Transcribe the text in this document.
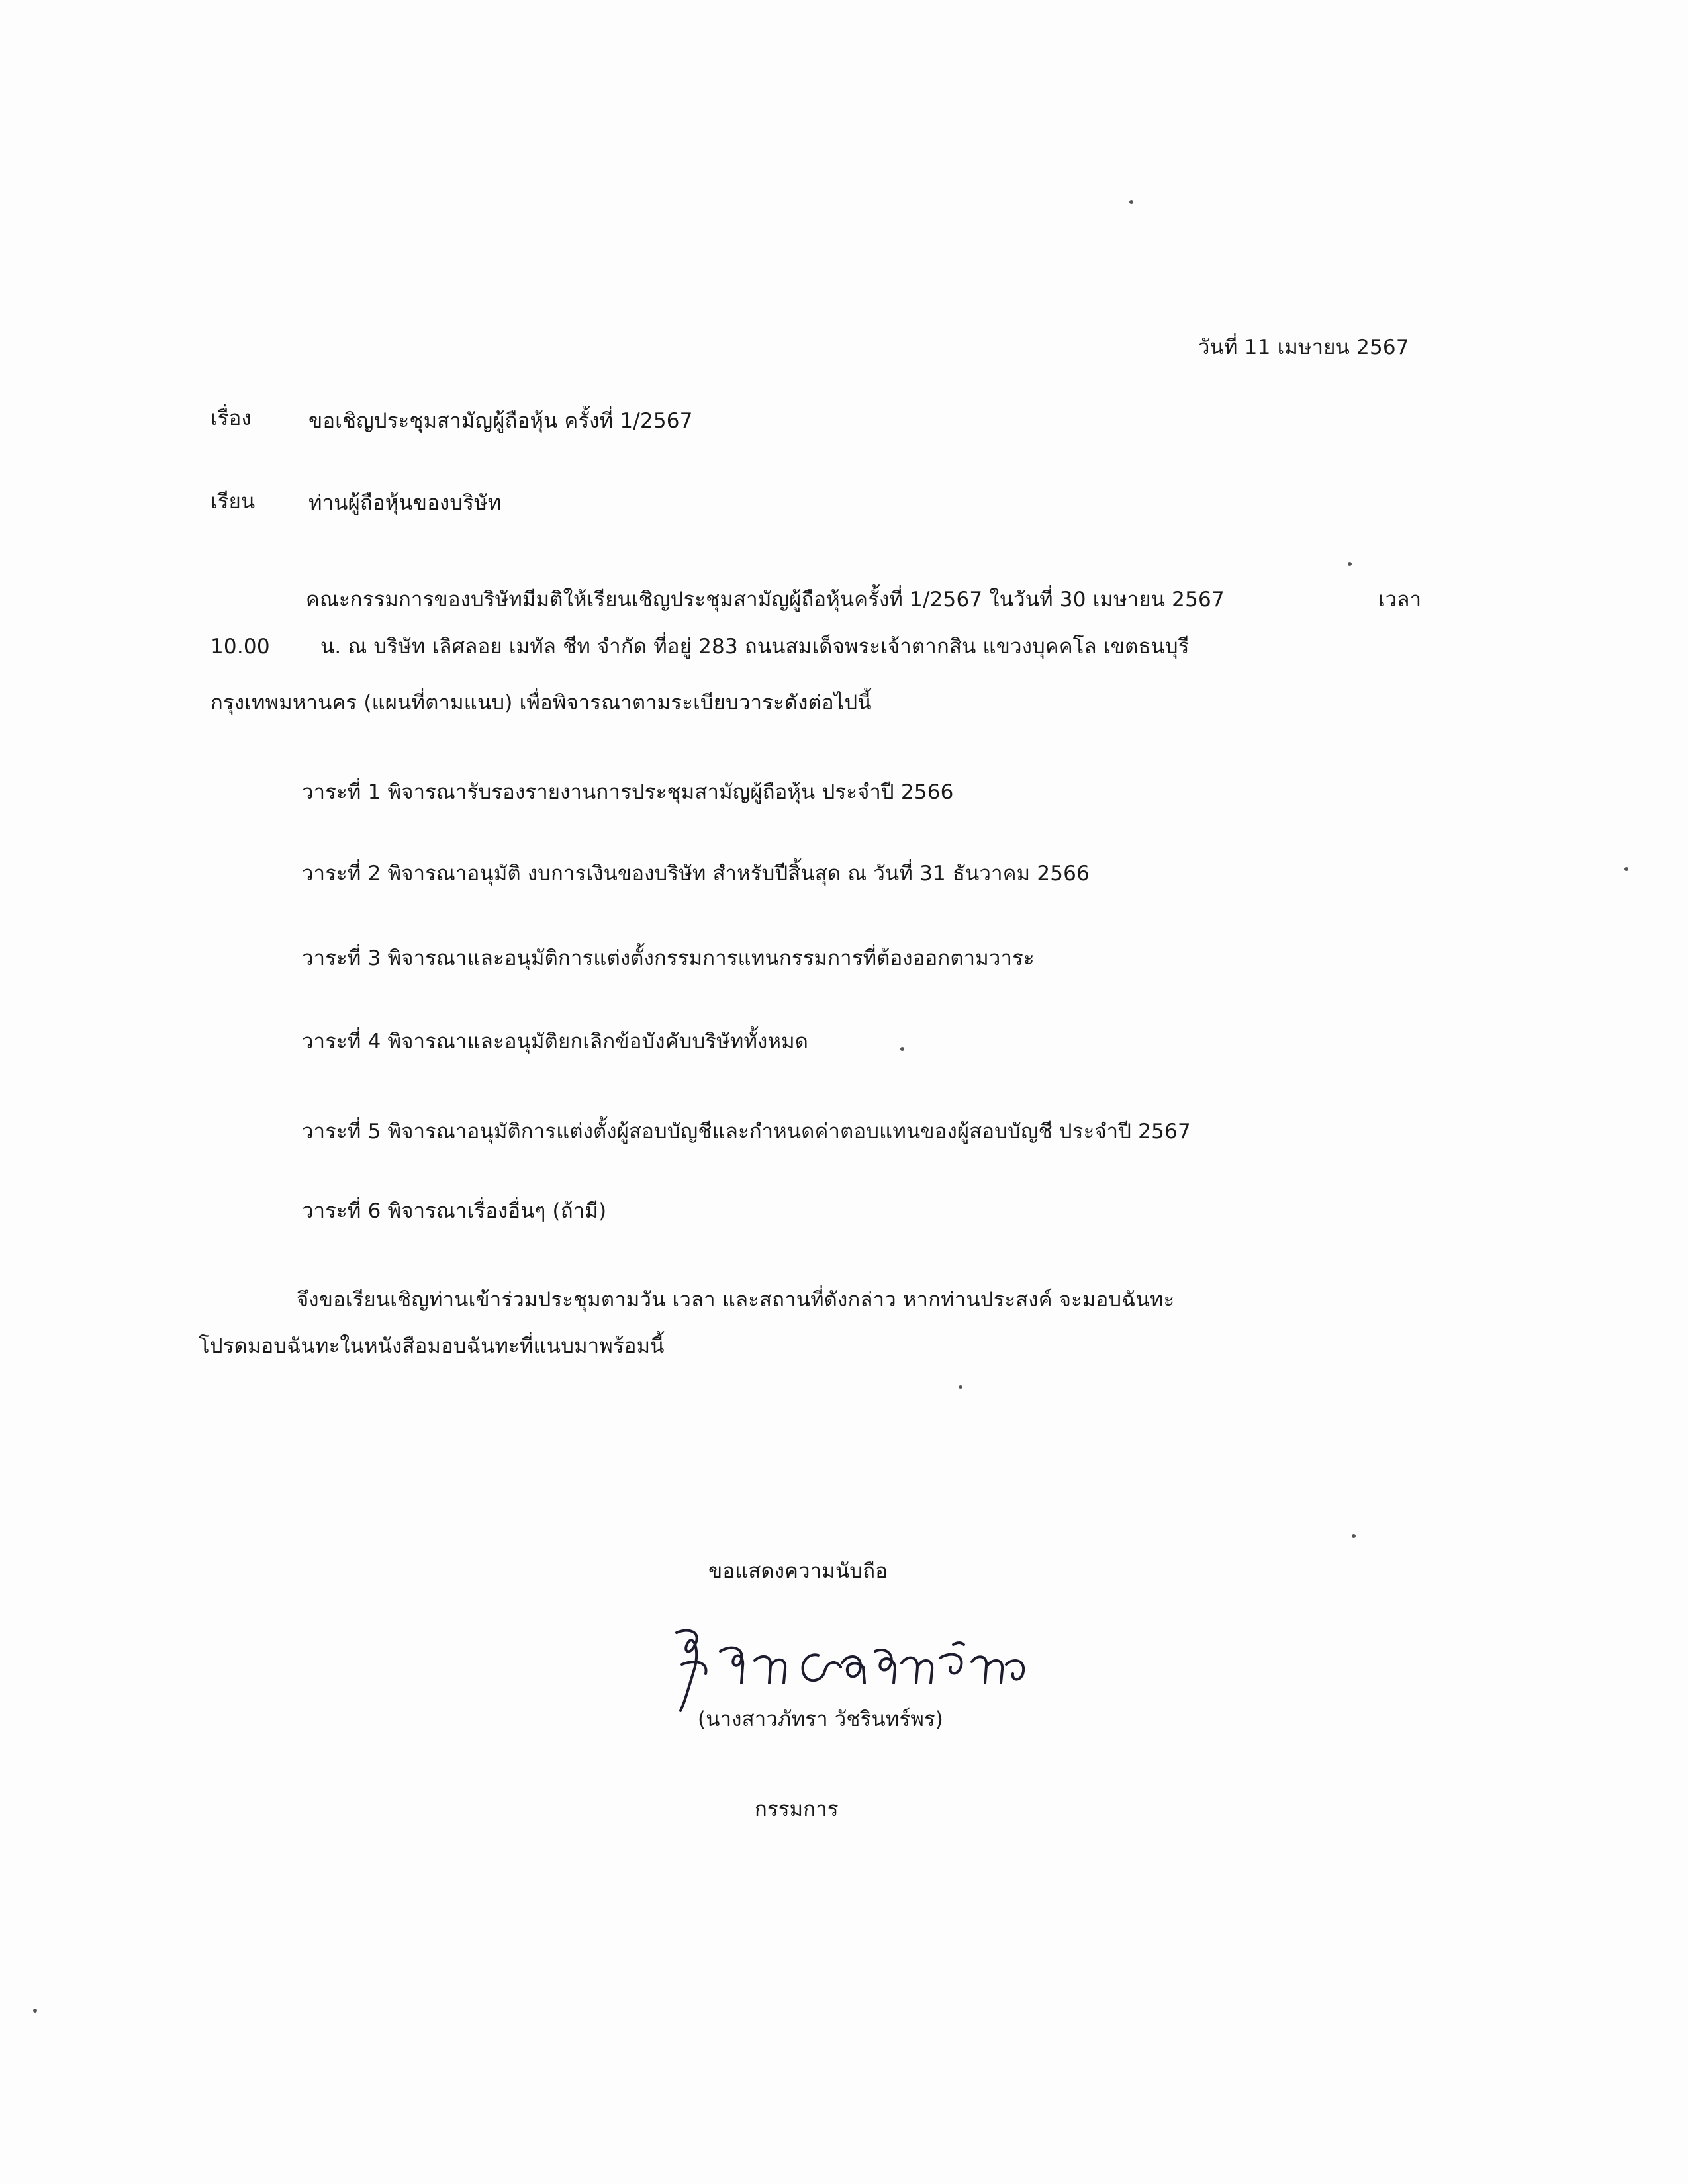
วันที่ 11 เมษายน 2567
เรื่อง	ขอเชิญประชุมสามัญผู้ถือหุ้น ครั้งที่ 1/2567
เรียน	ท่านผู้ถือหุ้นของบริษัท
คณะกรรมการของบริษัทมีมติให้เรียนเชิญประชุมสามัญผู้ถือหุ้นครั้งที่ 1/2567 ในวันที่ 30 เมษายน 2567	เวลา
10.00 น. ณ บริษัท เลิศลอย เมทัล ชีท จำกัด ที่อยู่ 283 ถนนสมเด็จพระเจ้าตากสิน แขวงบุคคโล เขตธนบุรี
กรุงเทพมหานคร (แผนที่ตามแนบ) เพื่อพิจารณาตามระเบียบวาระดังต่อไปนี้
วาระที่ 1 พิจารณารับรองรายงานการประชุมสามัญผู้ถือหุ้น ประจำปี 2566
วาระที่ 2 พิจารณาอนุมัติ งบการเงินของบริษัท สำหรับปีสิ้นสุด ณ วันที่ 31 ธันวาคม 2566
วาระที่ 3 พิจารณาและอนุมัติการแต่งตั้งกรรมการแทนกรรมการที่ต้องออกตามวาระ
วาระที่ 4 พิจารณาและอนุมัติยกเลิกข้อบังคับบริษัททั้งหมด
วาระที่ 5 พิจารณาอนุมัติการแต่งตั้งผู้สอบบัญชีและกำหนดค่าตอบแทนของผู้สอบบัญชี ประจำปี 2567
วาระที่ 6 พิจารณาเรื่องอื่นๆ (ถ้ามี)
จึงขอเรียนเชิญท่านเข้าร่วมประชุมตามวัน เวลา และสถานที่ดังกล่าว หากท่านประสงค์ จะมอบฉันทะ
โปรดมอบฉันทะในหนังสือมอบฉันทะที่แนบมาพร้อมนี้
ขอแสดงความนับถือ
(นางสาวภัทรา วัชรินทร์พร)
กรรมการ
